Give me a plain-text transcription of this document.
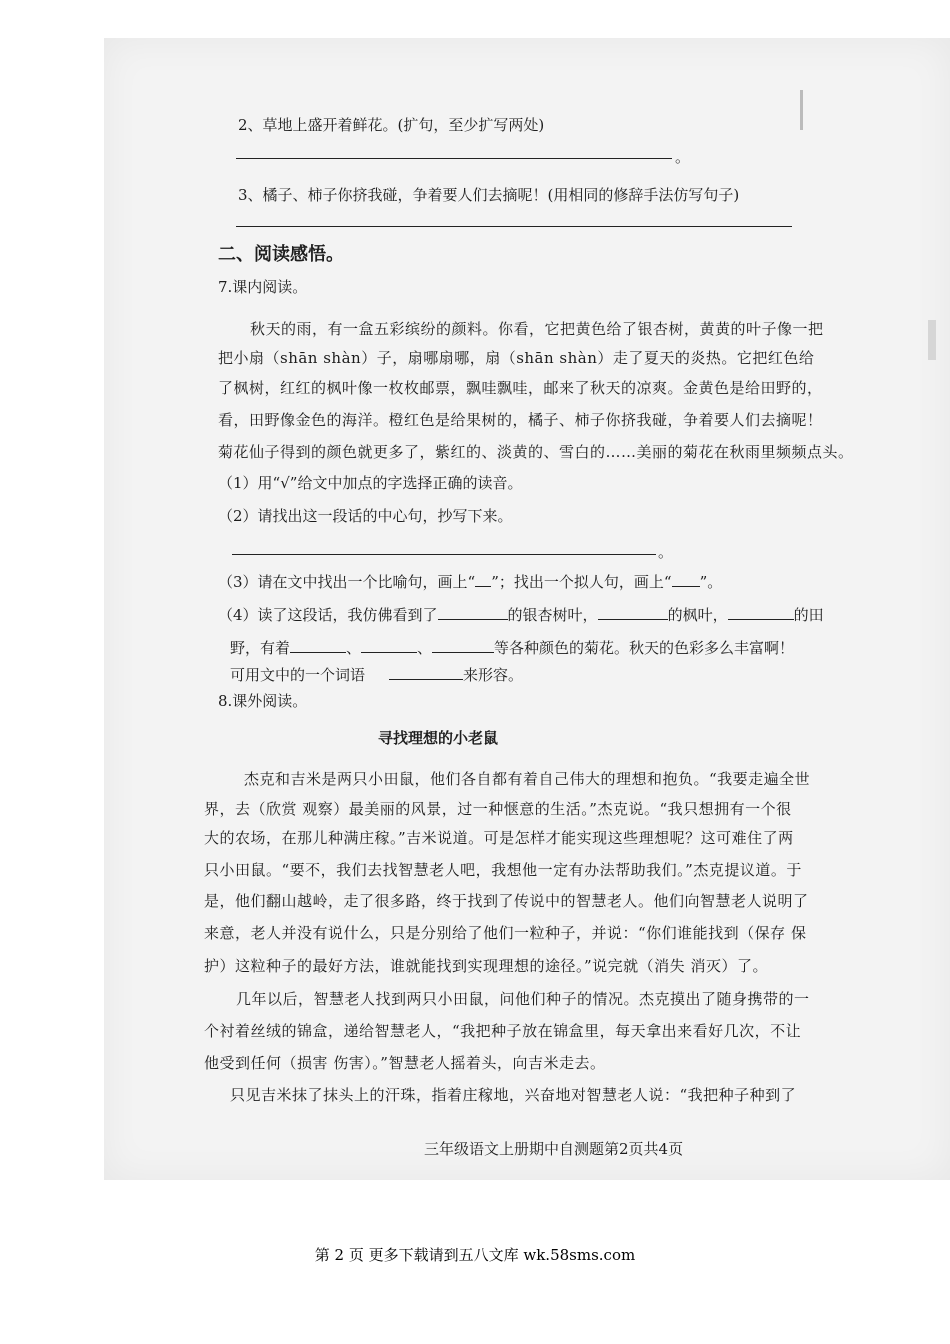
2、草地上盛开着鲜花。(扩句，至少扩写两处)
。
3、橘子、柿子你挤我碰，争着要人们去摘呢！(用相同的修辞手法仿写句子)
二、阅读感悟。
7.课内阅读。
秋天的雨，有一盒五彩缤纷的颜料。你看，它把黄色给了银杏树，黄黄的叶子像一把
把小扇（shān shàn）子，扇哪扇哪，扇（shān shàn）走了夏天的炎热。它把红色给
了枫树，红红的枫叶像一枚枚邮票，飘哇飘哇，邮来了秋天的凉爽。金黄色是给田野的，
看，田野像金色的海洋。橙红色是给果树的，橘子、柿子你挤我碰，争着要人们去摘呢！
菊花仙子得到的颜色就更多了，紫红的、淡黄的、雪白的……美丽的菊花在秋雨里频频点头。
（1）用“√”给文中加点的字选择正确的读音。
（2）请找出这一段话的中心句，抄写下来。
。
（3）请在文中找出一个比喻句，画上“ ”；找出一个拟人句，画上“ ”。
（4）读了这段话，我仿佛看到了	的银杏树叶，	的枫叶，	的田
野，有着	、	、	等各种颜色的菊花。秋天的色彩多么丰富啊！
可用文中的一个词语	来形容。
8.课外阅读。
寻找理想的小老鼠
杰克和吉米是两只小田鼠，他们各自都有着自己伟大的理想和抱负。“我要走遍全世
界，去（欣赏 观察）最美丽的风景，过一种惬意的生活。”杰克说。“我只想拥有一个很
大的农场，在那儿种满庄稼。”吉米说道。可是怎样才能实现这些理想呢？这可难住了两
只小田鼠。“要不，我们去找智慧老人吧，我想他一定有办法帮助我们。”杰克提议道。于
是，他们翻山越岭，走了很多路，终于找到了传说中的智慧老人。他们向智慧老人说明了
来意，老人并没有说什么，只是分别给了他们一粒种子，并说：“你们谁能找到（保存 保
护）这粒种子的最好方法，谁就能找到实现理想的途径。”说完就（消失 消灭）了。
几年以后，智慧老人找到两只小田鼠，问他们种子的情况。杰克摸出了随身携带的一
个衬着丝绒的锦盒，递给智慧老人，“我把种子放在锦盒里，每天拿出来看好几次，不让
他受到任何（损害 伤害）。”智慧老人摇着头，向吉米走去。
只见吉米抹了抹头上的汗珠，指着庄稼地，兴奋地对智慧老人说：“我把种子种到了
三年级语文上册期中自测题第2页共4页
第 2 页 更多下载请到五八文库 wk.58sms.com
